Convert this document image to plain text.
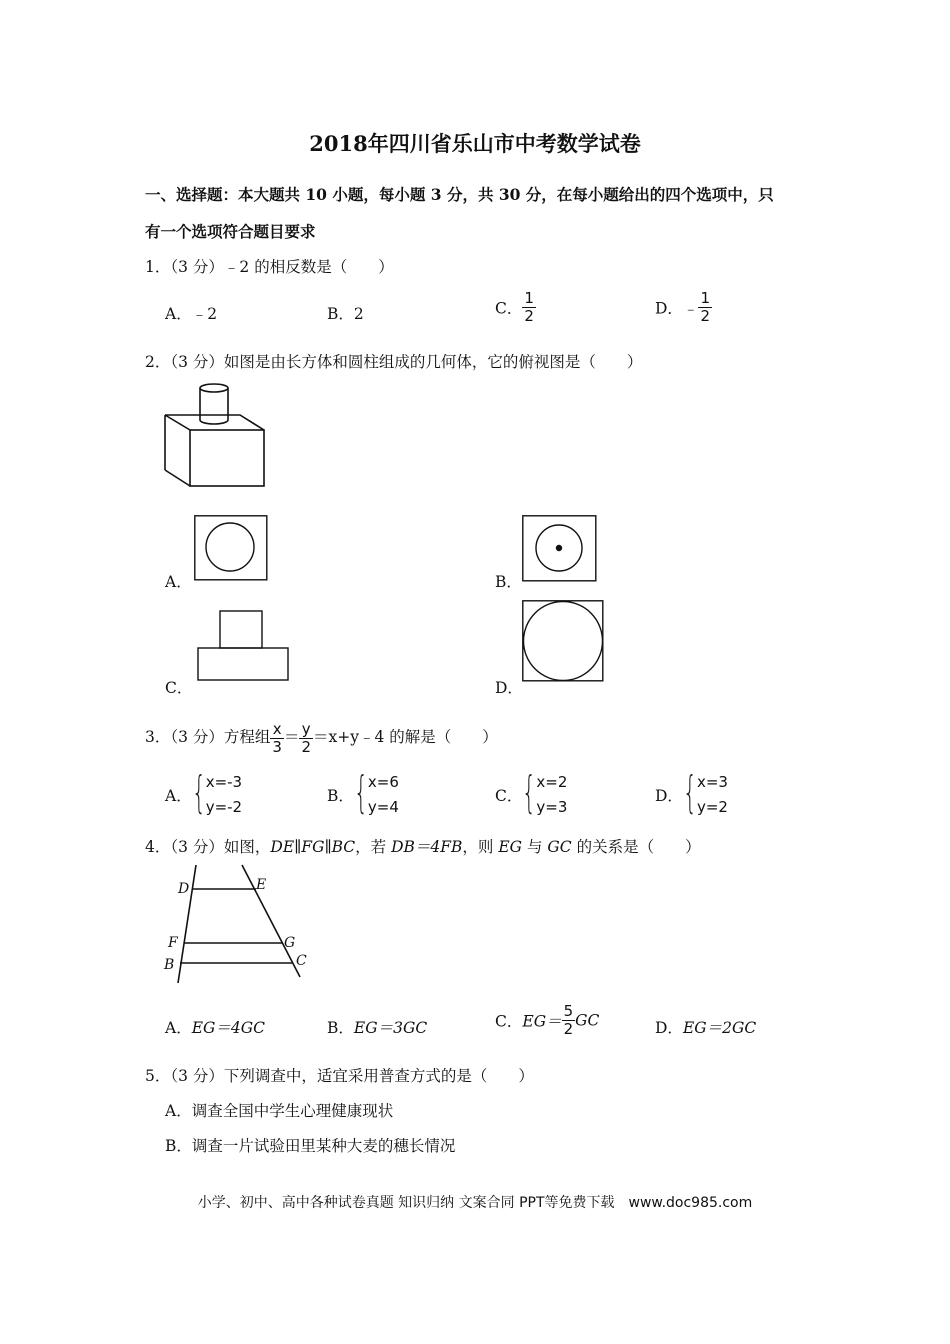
2018年四川省乐山市中考数学试卷
一、选择题：本大题共 10 小题，每小题 3 分，共 30 分，在每小题给出的四个选项中，只
有一个选项符合题目要求
1．（3 分）﹣2 的相反数是（　　）
A．﹣2	B．2	C． $\frac{1}{2}$	D．﹣ $\frac{1}{2}$
2．（3 分）如图是由长方体和圆柱组成的几何体，它的俯视图是（　　）
A．	B．
C．	D．
3．（3 分）方程组 $\frac{x}{3} = \frac{y}{2}$ ＝x+y﹣4 的解是（　　）
A． { x=-3
y=-2
B． { x=6
y=4
C． { x=2
y=3
D． { x=3
y=2
4．（3 分）如图，DE∥FG∥BC，若 DB＝4FB，则 EG 与 GC 的关系是（　　）
D	E
F	G
B	C
A．EG＝4GC	B．EG＝3GC	C．$EG= \frac{5}{2}$ GC	D．EG＝2GC
5．（3 分）下列调查中，适宜采用普查方式的是（　　）
A．调查全国中学生心理健康现状
B．调查一片试验田里某种大麦的穗长情况
小学、初中、高中各种试卷真题 知识归纳 文案合同 PPT等免费下载　www.doc985.com
